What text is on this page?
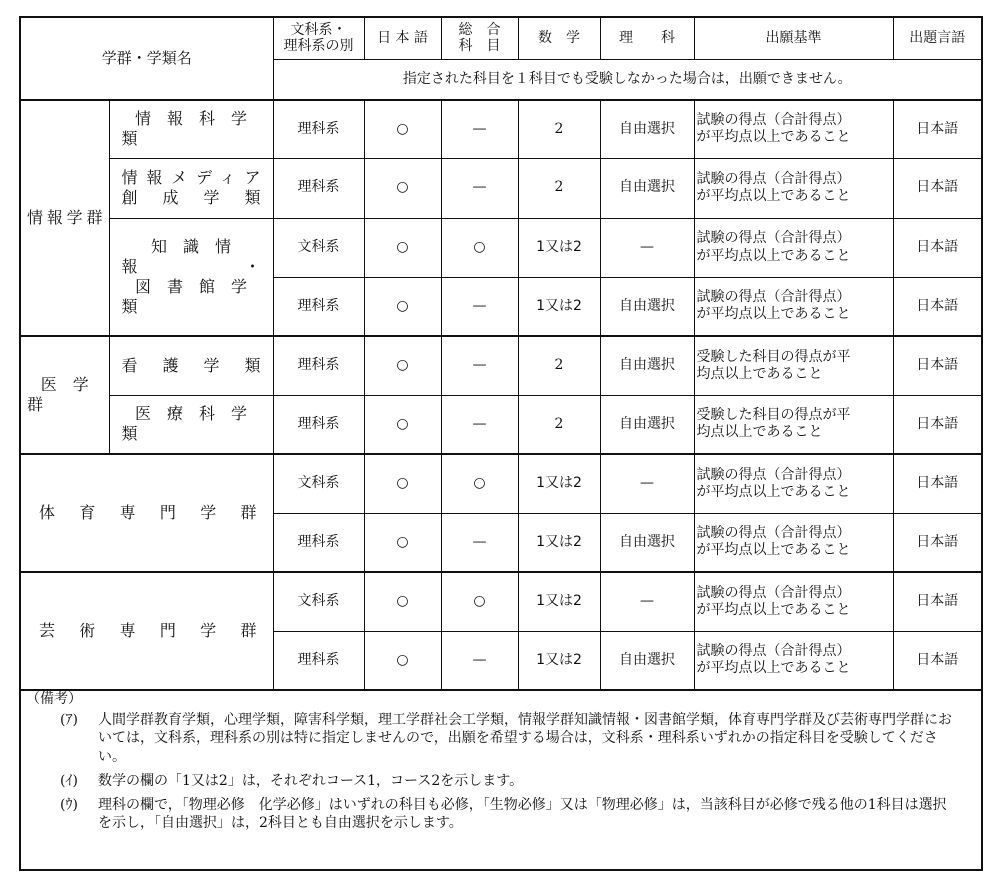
学群・学類名		文科系・
理科系の別	日 本 語	総　合
科　目	数　学	理　　科	出願基準	出題言語
		指定された科目を１科目でも受験しなかった場合は，出願できません。						
情報学群	情　報　科　学　類	理科系	○	—	2	自由選択	試験の得点（合計得点）
が平均点以上であること	日本語
	情報メディア
創　成　学　類	理科系	○	—	2	自由選択	試験の得点（合計得点）
が平均点以上であること	日本語
	知　識　情　報　・
図　書　館　学　類	文科系	○	○	1又は2	—	試験の得点（合計得点）
が平均点以上であること	日本語
		理科系	○	—	1又は2	自由選択	試験の得点（合計得点）
が平均点以上であること	日本語
医　学　群	看　護　学　類	理科系	○	—	2	自由選択	受験した科目の得点が平
均点以上であること	日本語
	医　療　科　学　類	理科系	○	—	2	自由選択	受験した科目の得点が平
均点以上であること	日本語
体　育　専　門　学　群		文科系	○	○	1又は2	—	試験の得点（合計得点）
が平均点以上であること	日本語
		理科系	○	—	1又は2	自由選択	試験の得点（合計得点）
が平均点以上であること	日本語
芸　術　専　門　学　群		文科系	○	○	1又は2	—	試験の得点（合計得点）
が平均点以上であること	日本語
		理科系	○	—	1又は2	自由選択	試験の得点（合計得点）
が平均点以上であること	日本語
（備考）
(ｱ) 人間学群教育学類，心理学類，障害科学類，理工学群社会工学類，情報学群知識情報・図書館学類，体育専門学群及び芸術専門学群においては，文科系，理科系の別は特に指定しませんので，出願を希望する場合は，文科系・理科系いずれかの指定科目を受験してください。
(ｲ) 数学の欄の「1又は2」は，それぞれコース1，コース2を示します。
(ｳ) 理科の欄で，「物理必修　化学必修」はいずれの科目も必修，「生物必修」又は「物理必修」は，当該科目が必修で残る他の1科目は選択を示し，「自由選択」は，2科目とも自由選択を示します。
